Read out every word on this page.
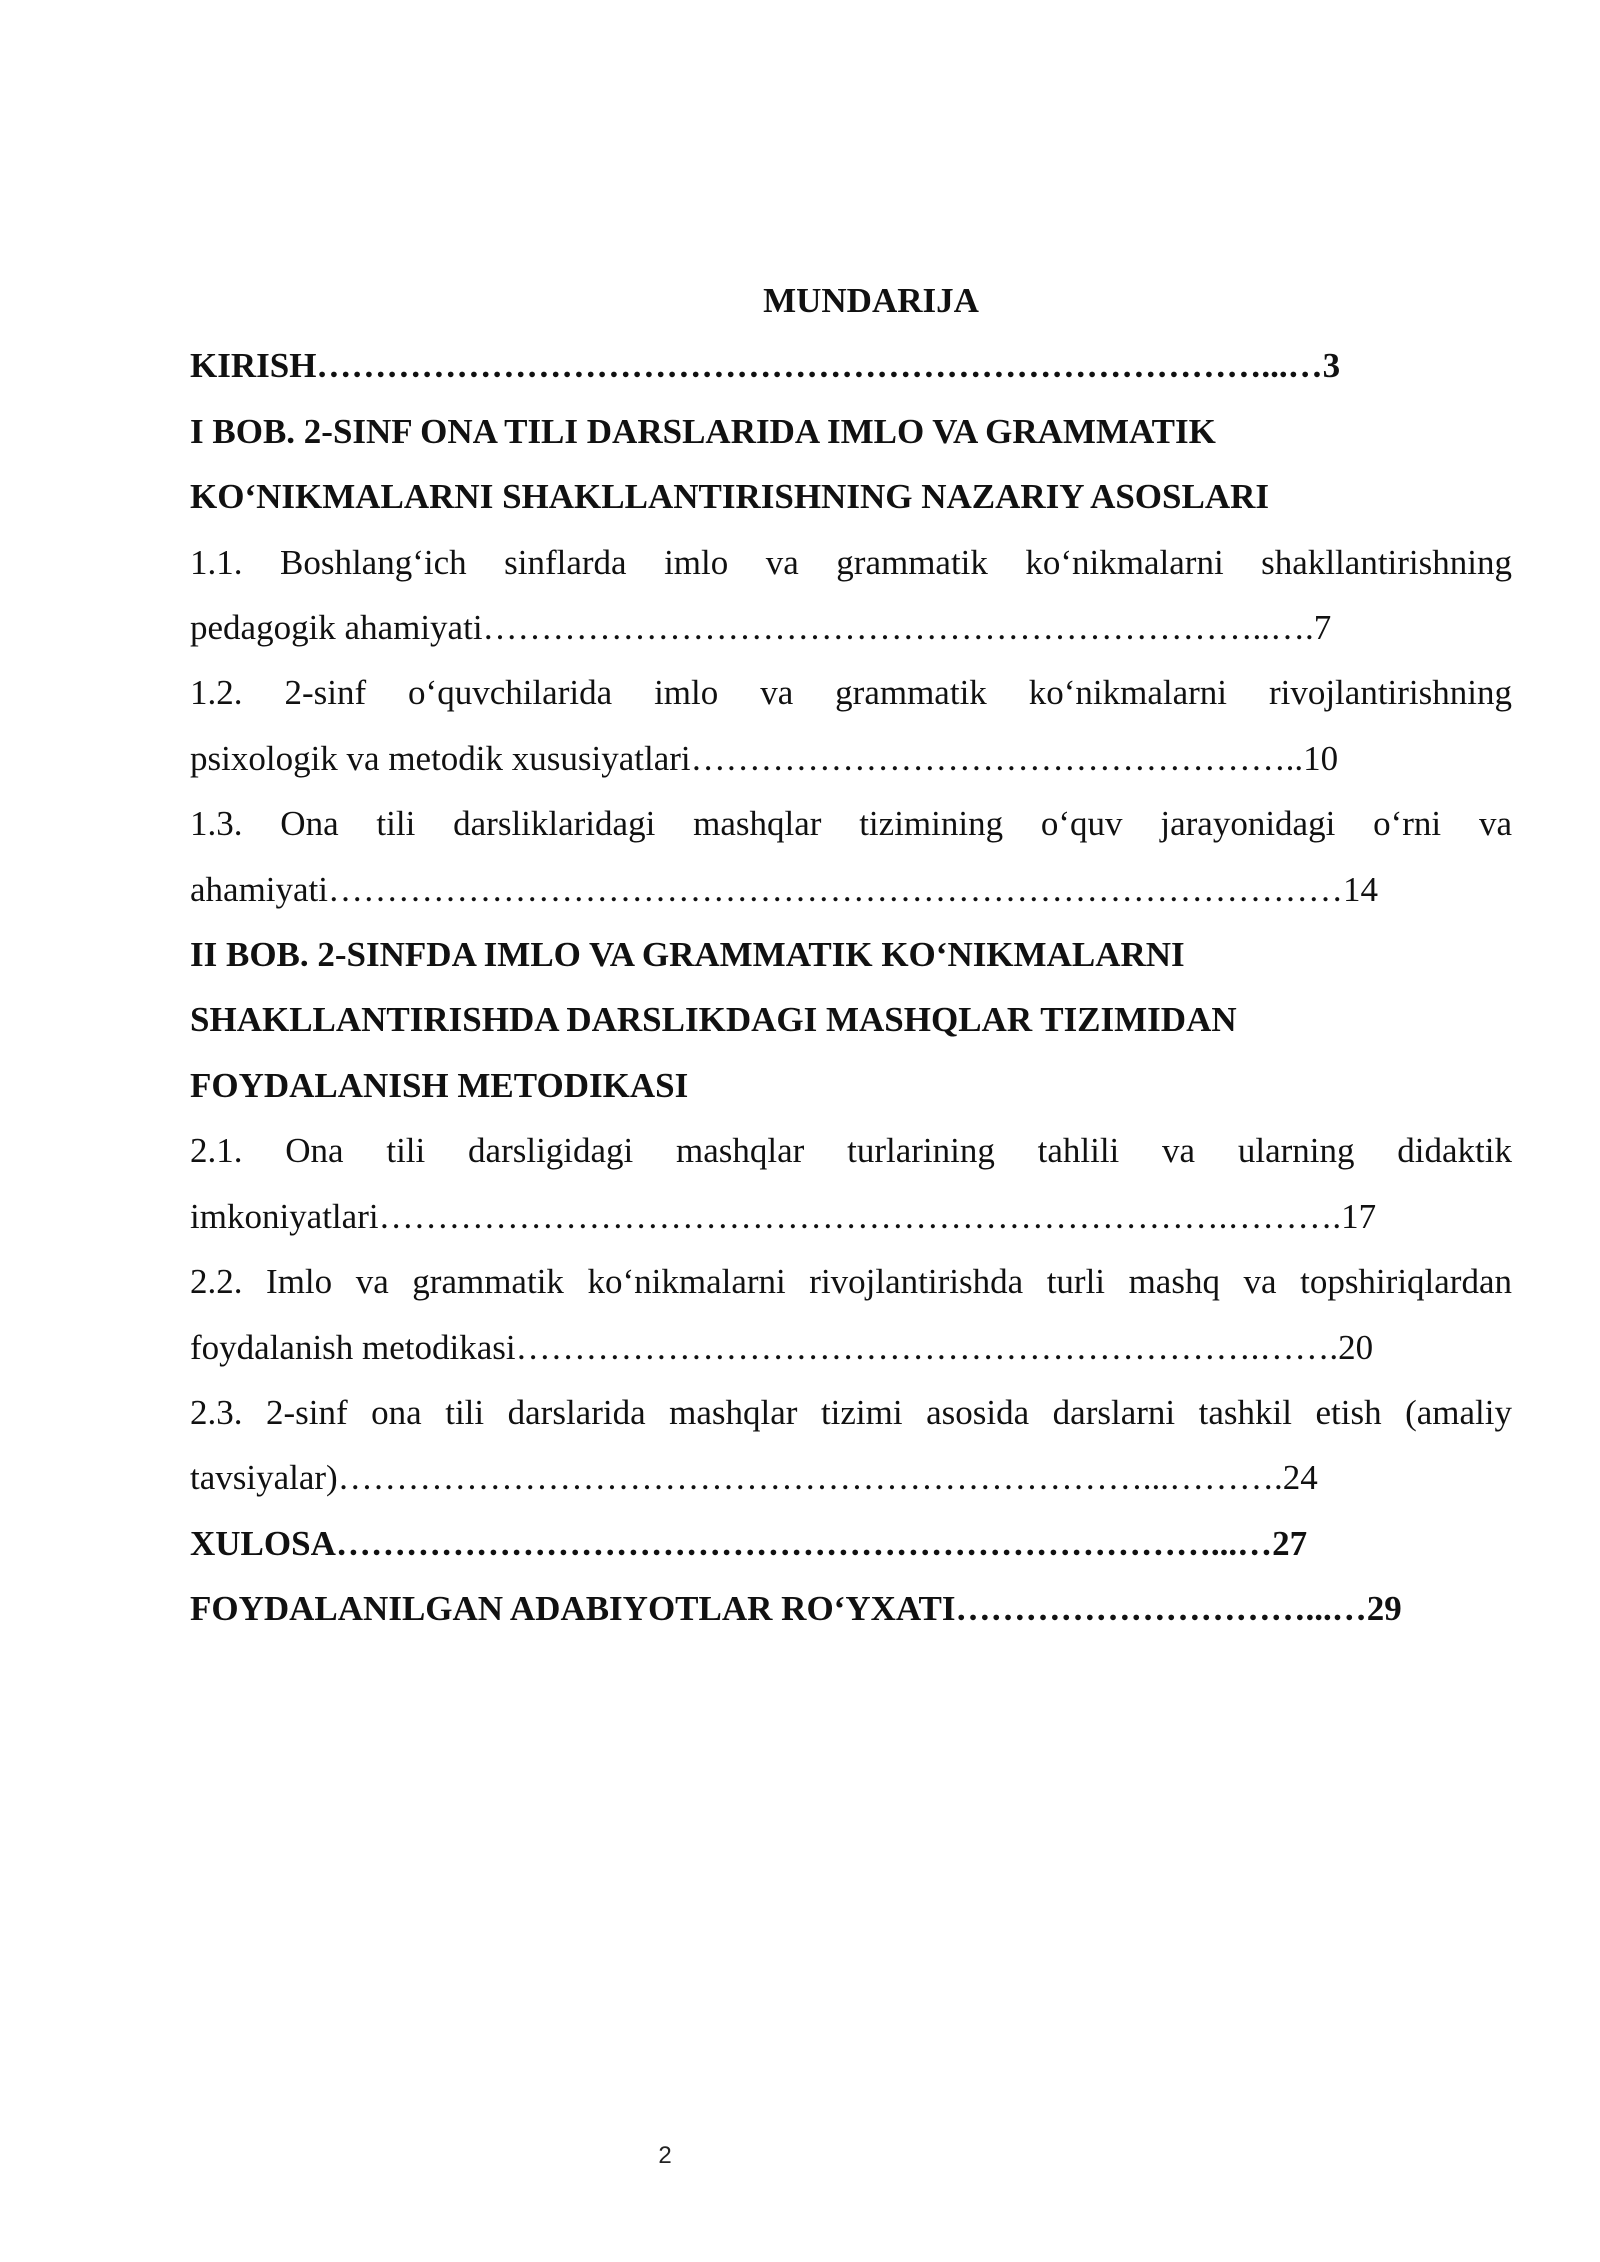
MUNDARIJA
KIRISH………………………………………………………………………...…3
I BOB. 2-SINF ONA TILI DARSLARIDA IMLO VA GRAMMATIK
KO‘NIKMALARNI SHAKLLANTIRISHNING NAZARIY ASOSLARI
1.1. Boshlang‘ich sinflarda imlo va grammatik ko‘nikmalarni shakllantirishning
pedagogik ahamiyati…………………………………………………………..….7
1.2. 2-sinf o‘quvchilarida imlo va grammatik ko‘nikmalarni rivojlantirishning
psixologik va metodik xususiyatlari……………………………………………..10
1.3. Ona tili darsliklaridagi mashqlar tizimining o‘quv jarayonidagi o‘rni va
ahamiyati……………………………………………………………………………14
II BOB. 2-SINFDA IMLO VA GRAMMATIK KO‘NIKMALARNI
SHAKLLANTIRISHDA DARSLIKDAGI MASHQLAR TIZIMIDAN
FOYDALANISH METODIKASI
2.1. Ona tili darsligidagi mashqlar turlarining tahlili va ularning didaktik
imkoniyatlari……………………………………………………………….……….17
2.2. Imlo va grammatik ko‘nikmalarni rivojlantirishda turli mashq va topshiriqlardan
foydalanish metodikasi……………………………………………………….…….20
2.3. 2-sinf ona tili darslarida mashqlar tizimi asosida darslarni tashkil etish (amaliy
tavsiyalar)……………………………………………………………...……….24
XULOSA…………………………………………………………………...…27
FOYDALANILGAN ADABIYOTLAR RO‘YXATI…………………………...…29
2
